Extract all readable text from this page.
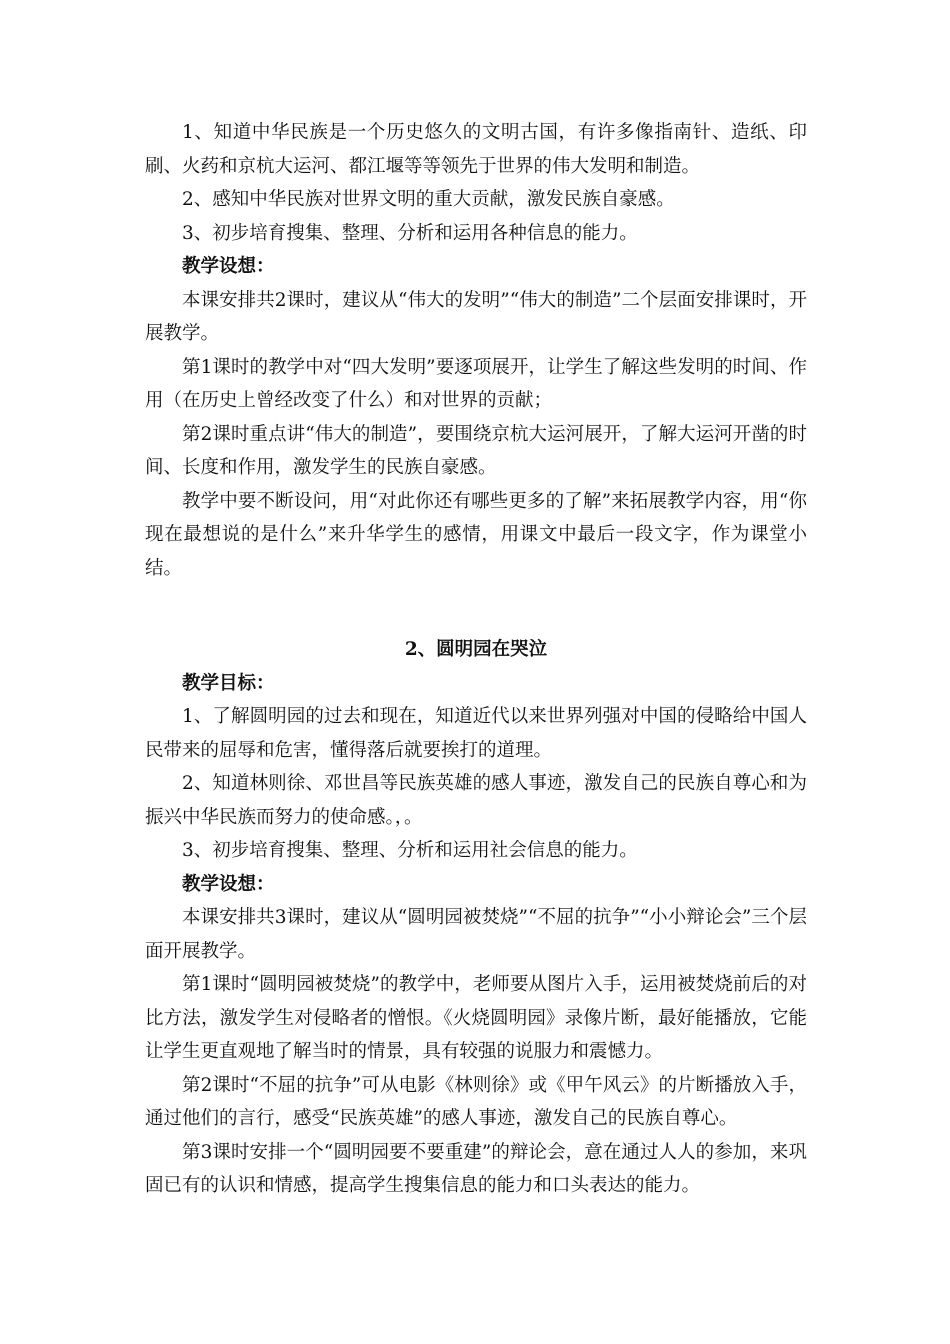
1、知道中华民族是一个历史悠久的文明古国，有许多像指南针、造纸、印刷、火药和京杭大运河、都江堰等等领先于世界的伟大发明和制造。

2、感知中华民族对世界文明的重大贡献，激发民族自豪感。

3、初步培育搜集、整理、分析和运用各种信息的能力。

教学设想：

本课安排共2课时，建议从“伟大的发明”“伟大的制造”二个层面安排课时，开展教学。

第1课时的教学中对“四大发明”要逐项展开，让学生了解这些发明的时间、作用（在历史上曾经改变了什么）和对世界的贡献；

第2课时重点讲“伟大的制造”，要围绕京杭大运河展开，了解大运河开凿的时间、长度和作用，激发学生的民族自豪感。

教学中要不断设问，用“对此你还有哪些更多的了解”来拓展教学内容，用“你现在最想说的是什么”来升华学生的感情，用课文中最后一段文字，作为课堂小结。

2、圆明园在哭泣

教学目标：

1、了解圆明园的过去和现在，知道近代以来世界列强对中国的侵略给中国人民带来的屈辱和危害，懂得落后就要挨打的道理。

2、知道林则徐、邓世昌等民族英雄的感人事迹，激发自己的民族自尊心和为振兴中华民族而努力的使命感。，。

3、初步培育搜集、整理、分析和运用社会信息的能力。

教学设想：

本课安排共3课时，建议从“圆明园被焚烧”“不屈的抗争”“小小辩论会”三个层面开展教学。

第1课时“圆明园被焚烧”的教学中，老师要从图片入手，运用被焚烧前后的对比方法，激发学生对侵略者的憎恨。《火烧圆明园》录像片断，最好能播放，它能让学生更直观地了解当时的情景，具有较强的说服力和震憾力。

第2课时“不屈的抗争”可从电影《林则徐》或《甲午风云》的片断播放入手，通过他们的言行，感受“民族英雄”的感人事迹，激发自己的民族自尊心。

第3课时安排一个“圆明园要不要重建”的辩论会，意在通过人人的参加，来巩固已有的认识和情感，提高学生搜集信息的能力和口头表达的能力。
